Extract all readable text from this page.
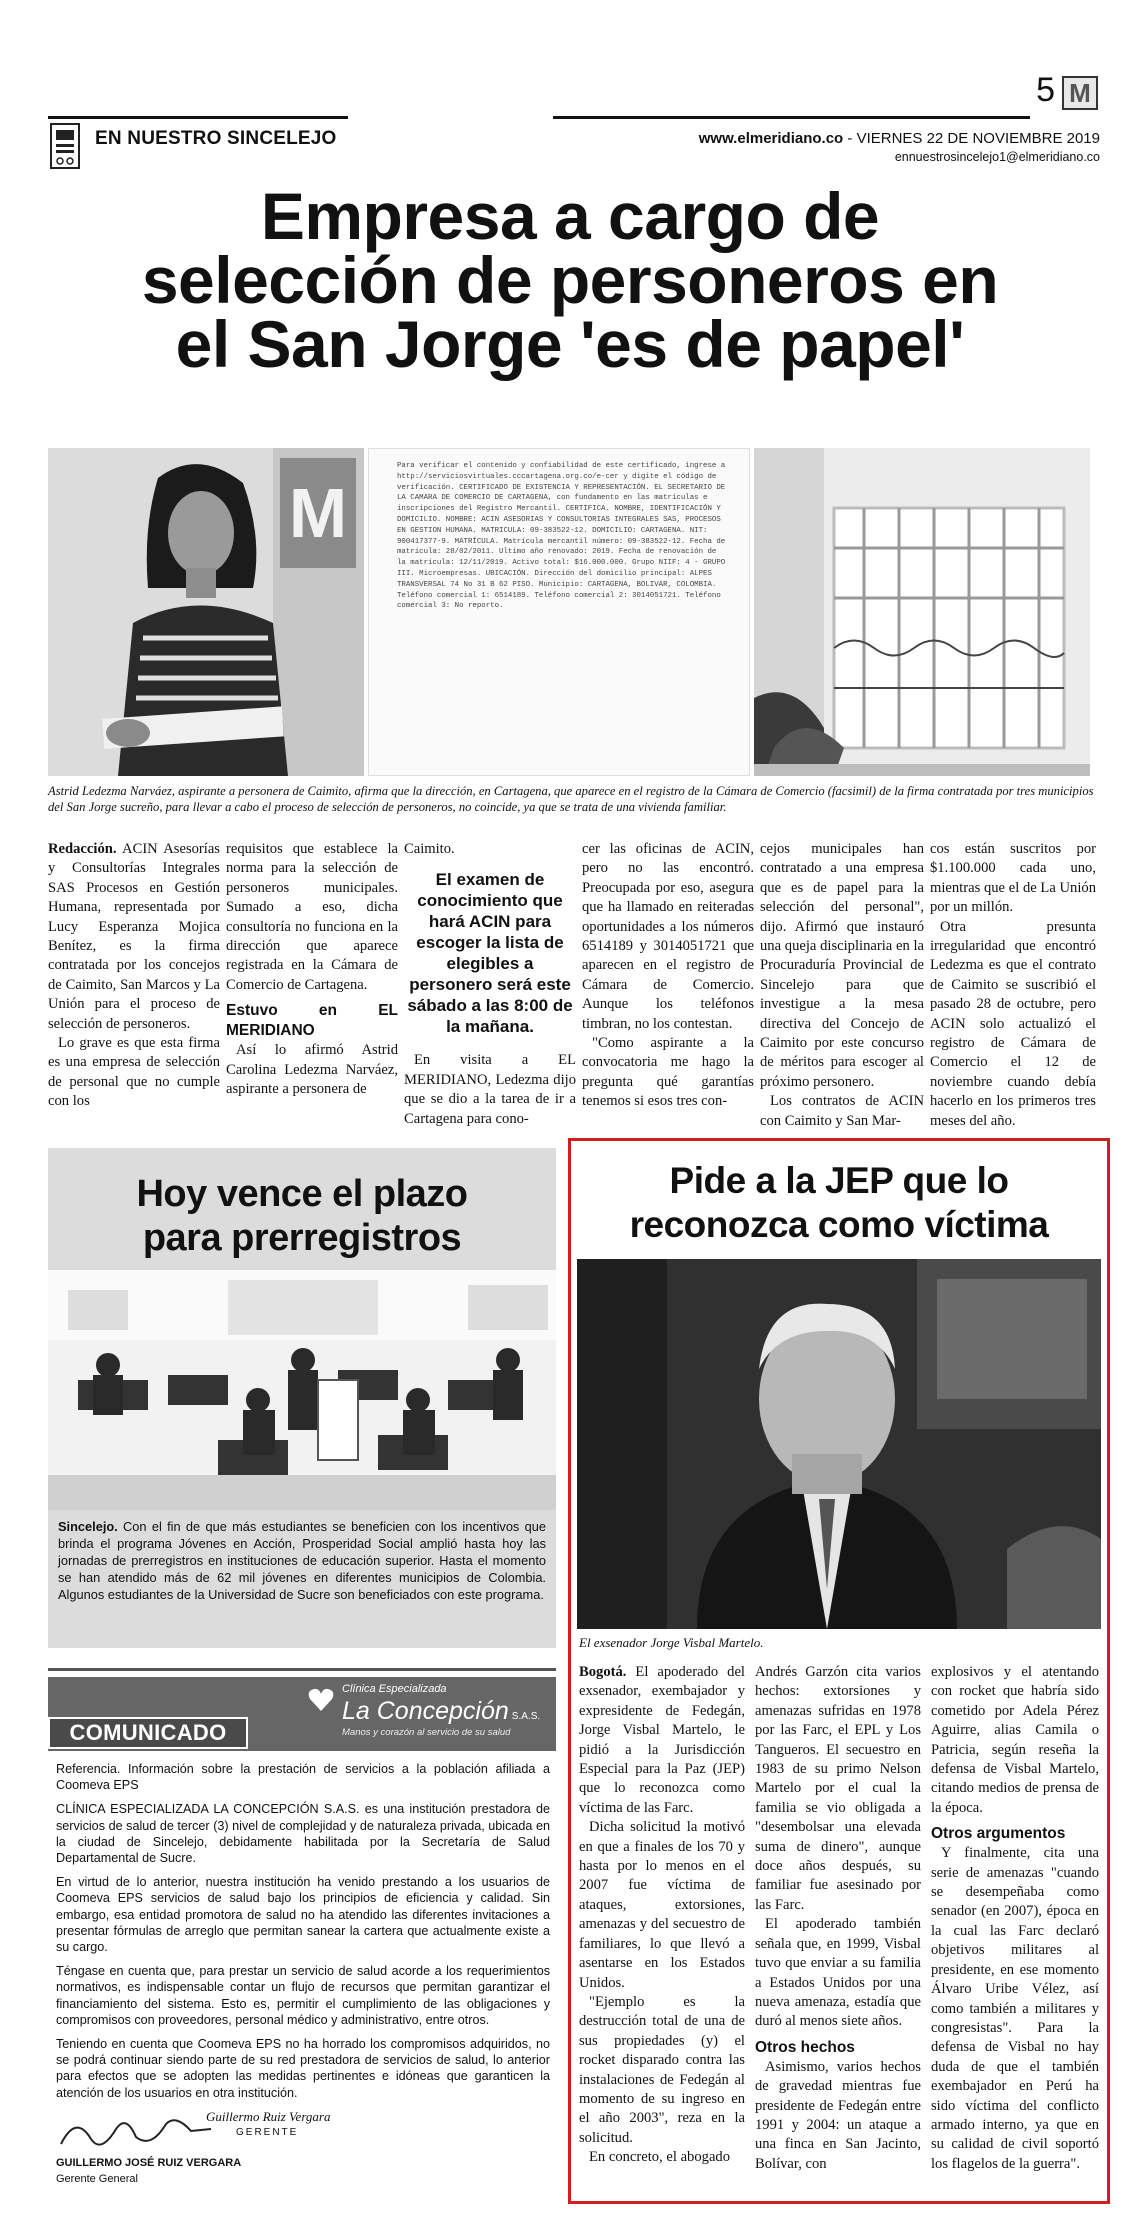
5 M
EN NUESTRO SINCELEJO	www.elmeridiano.co - VIERNES 22 DE NOVIEMBRE 2019
ennuestrosincelejo1@elmeridiano.co
Empresa a cargo de
selección de personeros en
el San Jorge 'es de papel'
M
Para verificar el contenido y confiabilidad de este certificado, ingrese a http://serviciosvirtuales.cccartagena.org.co/e-cer y digite el código de verificación. CERTIFICADO DE EXISTENCIA Y REPRESENTACIÓN. EL SECRETARIO DE LA CAMARA DE COMERCIO DE CARTAGENA, con fundamento en las matrículas e inscripciones del Registro Mercantil. CERTIFICA. NOMBRE, IDENTIFICACIÓN Y DOMICILIO. NOMBRE: ACIN ASESORIAS Y CONSULTORIAS INTEGRALES SAS, PROCESOS EN GESTION HUMANA. MATRICULA: 09-383522-12. DOMICILIO: CARTAGENA. NIT: 900417377-9. MATRÍCULA. Matrícula mercantil número: 09-383522-12. Fecha de matrícula: 28/02/2011. Ultimo año renovado: 2019. Fecha de renovación de la matrícula: 12/11/2019. Activo total: $16.000.000. Grupo NIIF: 4 - GRUPO III. Microempresas. UBICACIÓN. Dirección del domicilio principal: ALPES TRANSVERSAL 74 No 31 B 62 PISO. Municipio: CARTAGENA, BOLIVAR, COLOMBIA. Teléfono comercial 1: 6514189. Teléfono comercial 2: 3014051721. Teléfono comercial 3: No reporto.
Astrid Ledezma Narváez, aspirante a personera de Caimito, afirma que la dirección, en Cartagena, que aparece en el registro de la Cámara de Comercio (facsimil) de la firma contratada por tres municipios del San Jorge sucreño, para llevar a cabo el proceso de selección de personeros, no coincide, ya que se trata de una vivienda familiar.

Redacción. ACIN Asesorías y Consultorías Integrales SAS Procesos en Gestión Humana, representada por Lucy Esperanza Mojica Benítez, es la firma contratada por los concejos de Caimito, San Marcos y La Unión para el proceso de selección de personeros.

Lo grave es que esta firma es una empresa de selección de personal que no cumple con los

requisitos que establece la norma para la selección de personeros municipales. Sumado a eso, dicha consultoría no funciona en la dirección que aparece registrada en la Cámara de Comercio de Cartagena.

Estuvo en EL MERIDIANO

Así lo afirmó Astrid Carolina Ledezma Narváez, aspirante a personera de

Caimito.

El examen de conocimiento que hará ACIN para escoger la lista de elegibles a personero será este sábado a las 8:00 de la mañana.

En visita a EL MERIDIANO, Ledezma dijo que se dio a la tarea de ir a Cartagena para cono-

cer las oficinas de ACIN, pero no las encontró. Preocupada por eso, asegura que ha llamado en reiteradas oportunidades a los números 6514189 y 3014051721 que aparecen en el registro de Cámara de Comercio. Aunque los teléfonos timbran, no los contestan.

"Como aspirante a la convocatoria me hago la pregunta qué garantías tenemos si esos tres con-

cejos municipales han contratado a una empresa que es de papel para la selección del personal", dijo. Afirmó que instauró una queja disciplinaria en la Procuraduría Provincial de Sincelejo para que investigue a la mesa directiva del Concejo de Caimito por este concurso de méritos para escoger al próximo personero.

Los contratos de ACIN con Caimito y San Mar-

cos están suscritos por $1.100.000 cada uno, mientras que el de La Unión por un millón.

Otra presunta irregularidad que encontró Ledezma es que el contrato de Caimito se suscribió el pasado 28 de octubre, pero ACIN solo actualizó el registro de Cámara de Comercio el 12 de noviembre cuando debía hacerlo en los primeros tres meses del año.

Hoy vence el plazo
para prerregistros
Sincelejo. Con el fin de que más estudiantes se beneficien con los incentivos que brinda el programa Jóvenes en Acción, Prosperidad Social amplió hasta hoy las jornadas de prerregistros en instituciones de educación superior. Hasta el momento se han atendido más de 62 mil jóvenes en diferentes municipios de Colombia. Algunos estudiantes de la Universidad de Sucre son beneficiados con este programa.
COMUNICADO
Clínica Especializada
La Concepción S.A.S.
Manos y corazón al servicio de su salud

Referencia. Información sobre la prestación de servicios a la población afiliada a Coomeva EPS

CLÍNICA ESPECIALIZADA LA CONCEPCIÓN S.A.S. es una institución prestadora de servicios de salud de tercer (3) nivel de complejidad y de naturaleza privada, ubicada en la ciudad de Sincelejo, debidamente habilitada por la Secretaría de Salud Departamental de Sucre.

En virtud de lo anterior, nuestra institución ha venido prestando a los usuarios de Coomeva EPS servicios de salud bajo los principios de eficiencia y calidad. Sin embargo, esa entidad promotora de salud no ha atendido las diferentes invitaciones a presentar fórmulas de arreglo que permitan sanear la cartera que actualmente existe a su cargo.

Téngase en cuenta que, para prestar un servicio de salud acorde a los requerimientos normativos, es indispensable contar un flujo de recursos que permitan garantizar el financiamiento del sistema. Esto es, permitir el cumplimiento de las obligaciones y compromisos con proveedores, personal médico y administrativo, entre otros.

Teniendo en cuenta que Coomeva EPS no ha horrado los compromisos adquiridos, no se podrá continuar siendo parte de su red prestadora de servicios de salud, lo anterior para efectos que se adopten las medidas pertinentes e idóneas que garanticen la atención de los usuarios en otra institución.

Guillermo Ruiz Vergara
GERENTE
GUILLERMO JOSÉ RUIZ VERGARA
Gerente General
Pide a la JEP que lo
reconozca como víctima
El exsenador Jorge Visbal Martelo.

Bogotá. El apoderado del exsenador, exembajador y expresidente de Fedegán, Jorge Visbal Martelo, le pidió a la Jurisdicción Especial para la Paz (JEP) que lo reconozca como víctima de las Farc.

Dicha solicitud la motivó en que a finales de los 70 y hasta por lo menos en el 2007 fue víctima de ataques, extorsiones, amenazas y del secuestro de familiares, lo que llevó a asentarse en los Estados Unidos.

"Ejemplo es la destrucción total de una de sus propiedades (y) el rocket disparado contra las instalaciones de Fedegán al momento de su ingreso en el año 2003", reza en la solicitud.

En concreto, el abogado

Andrés Garzón cita varios hechos: extorsiones y amenazas sufridas en 1978 por las Farc, el EPL y Los Tangueros. El secuestro en 1983 de su primo Nelson Martelo por el cual la familia se vio obligada a "desembolsar una elevada suma de dinero", aunque doce años después, su familiar fue asesinado por las Farc.

El apoderado también señala que, en 1999, Visbal tuvo que enviar a su familia a Estados Unidos por una nueva amenaza, estadía que duró al menos siete años.

Otros hechos

Asimismo, varios hechos de gravedad mientras fue presidente de Fedegán entre 1991 y 2004: un ataque a una finca en San Jacinto, Bolívar, con

explosivos y el atentando con rocket que habría sido cometido por Adela Pérez Aguirre, alias Camila o Patricia, según reseña la defensa de Visbal Martelo, citando medios de prensa de la época.

Otros argumentos

Y finalmente, cita una serie de amenazas "cuando se desempeñaba como senador (en 2007), época en la cual las Farc declaró objetivos militares al presidente, en ese momento Álvaro Uribe Vélez, así como también a militares y congresistas". Para la defensa de Visbal no hay duda de que el también exembajador en Perú ha sido víctima del conflicto armado interno, ya que en su calidad de civil soportó los flagelos de la guerra".
